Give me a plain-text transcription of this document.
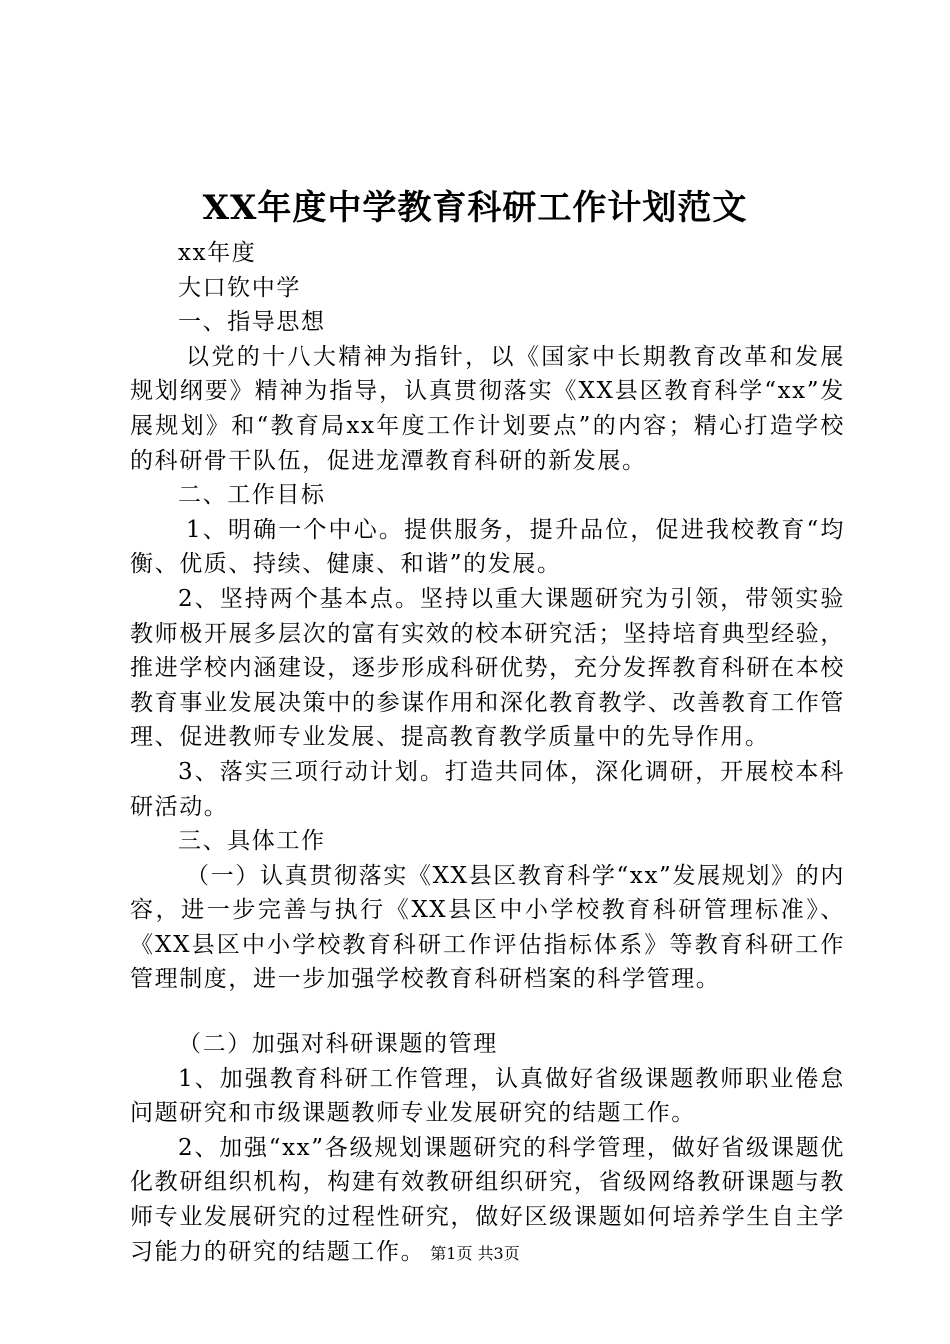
XX年度中学教育科研工作计划范文

xx年度

大口钦中学

一、指导思想

以党的十八大精神为指针，以《国家中长期教育改革和发展规划纲要》精神为指导，认真贯彻落实《XX县区教育科学“xx”发展规划》和“教育局xx年度工作计划要点”的内容；精心打造学校的科研骨干队伍，促进龙潭教育科研的新发展。

二、工作目标

1、明确一个中心。提供服务，提升品位，促进我校教育“均衡、优质、持续、健康、和谐”的发展。

2、坚持两个基本点。坚持以重大课题研究为引领，带领实验教师极开展多层次的富有实效的校本研究活；坚持培育典型经验，推进学校内涵建设，逐步形成科研优势，充分发挥教育科研在本校教育事业发展决策中的参谋作用和深化教育教学、改善教育工作管理、促进教师专业发展、提高教育教学质量中的先导作用。

3、落实三项行动计划。打造共同体，深化调研，开展校本科研活动。

三、具体工作

（一）认真贯彻落实《XX县区教育科学“xx”发展规划》的内容，进一步完善与执行《XX县区中小学校教育科研管理标准》、《XX县区中小学校教育科研工作评估指标体系》等教育科研工作管理制度，进一步加强学校教育科研档案的科学管理。

（二）加强对科研课题的管理

1、加强教育科研工作管理，认真做好省级课题教师职业倦怠问题研究和市级课题教师专业发展研究的结题工作。

2、加强“xx”各级规划课题研究的科学管理，做好省级课题优化教研组织机构，构建有效教研组织研究，省级网络教研课题与教师专业发展研究的过程性研究，做好区级课题如何培养学生自主学习能力的研究的结题工作。 第1页 共3页
